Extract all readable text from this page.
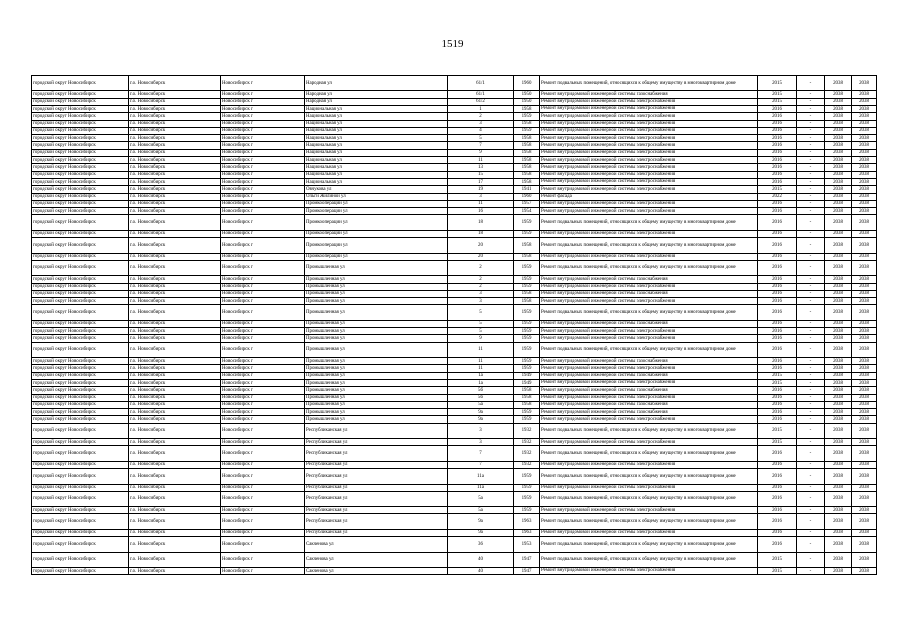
1519
городской округ Новосибирск	г.о. Новосибирск	Новосибирск г	Народная ул	61/1	1960	Ремонт подвальных помещений, относящихся к общему имуществу в многоквартирном доме	2015	-	2038	2038
городской округ Новосибирск	г.о. Новосибирск	Новосибирск г	Народная ул	61/1	1950	Ремонт внутридомовой инженерной системы газоснабжения	2015	-	2038	2038
городской округ Новосибирск	г.о. Новосибирск	Новосибирск г	Народная ул	61/2	1950	Ремонт внутридомовой инженерной системы электроснабжения	2015	-	2038	2038
городской округ Новосибирск	г.о. Новосибирск	Новосибирск г	Национальная ул	1	1958	Ремонт внутридомовой инженерной системы электроснабжения	2016	-	2038	2038
городской округ Новосибирск	г.о. Новосибирск	Новосибирск г	Национальная ул	2	1959	Ремонт внутридомовой инженерной системы электроснабжения	2016	-	2038	2038
городской округ Новосибирск	г.о. Новосибирск	Новосибирск г	Национальная ул	3	1958	Ремонт внутридомовой инженерной системы электроснабжения	2016	-	2038	2038
городской округ Новосибирск	г.о. Новосибирск	Новосибирск г	Национальная ул	4	1959	Ремонт внутридомовой инженерной системы электроснабжения	2016	-	2038	2038
городской округ Новосибирск	г.о. Новосибирск	Новосибирск г	Национальная ул	5	1958	Ремонт внутридомовой инженерной системы электроснабжения	2016	-	2038	2038
городской округ Новосибирск	г.о. Новосибирск	Новосибирск г	Национальная ул	7	1958	Ремонт внутридомовой инженерной системы электроснабжения	2016	-	2038	2038
городской округ Новосибирск	г.о. Новосибирск	Новосибирск г	Национальная ул	9	1958	Ремонт внутридомовой инженерной системы электроснабжения	2016	-	2038	2038
городской округ Новосибирск	г.о. Новосибирск	Новосибирск г	Национальная ул	11	1958	Ремонт внутридомовой инженерной системы электроснабжения	2016	-	2038	2038
городской округ Новосибирск	г.о. Новосибирск	Новосибирск г	Национальная ул	13	1958	Ремонт внутридомовой инженерной системы электроснабжения	2016	-	2038	2038
городской округ Новосибирск	г.о. Новосибирск	Новосибирск г	Национальная ул	15	1958	Ремонт внутридомовой инженерной системы электроснабжения	2016	-	2038	2038
городской округ Новосибирск	г.о. Новосибирск	Новосибирск г	Национальная ул	17	1958	Ремонт внутридомовой инженерной системы электроснабжения	2016	-	2038	2038
городской округ Новосибирск	г.о. Новосибирск	Новосибирск г	Овчукова ул	19	1941	Ремонт внутридомовой инженерной системы электроснабжения	2015	-	2038	2038
городской округ Новосибирск	г.о. Новосибирск	Новосибирск г	Ольги Жилиной ул	3	1960	Ремонт фасада	2022	-	2038	2038
городской округ Новосибирск	г.о. Новосибирск	Новосибирск г	Промкооперации ул	11	1957	Ремонт внутридомовой инженерной системы электроснабжения	2016	-	2038	2038
городской округ Новосибирск	г.о. Новосибирск	Новосибирск г	Промкооперации ул	16	1954	Ремонт внутридомовой инженерной системы электроснабжения	2016	-	2038	2038
городской округ Новосибирск	г.о. Новосибирск	Новосибирск г	Промкооперации ул	18	1959	Ремонт подвальных помещений, относящихся к общему имуществу в многоквартирном доме	2016	-	2038	2038
городской округ Новосибирск	г.о. Новосибирск	Новосибирск г	Промкооперации ул	18	1959	Ремонт внутридомовой инженерной системы электроснабжения	2016	-	2038	2038
городской округ Новосибирск	г.о. Новосибирск	Новосибирск г	Промкооперации ул	20	1958	Ремонт подвальных помещений, относящихся к общему имуществу в многоквартирном доме	2016	-	2038	2038
городской округ Новосибирск	г.о. Новосибирск	Новосибирск г	Промкооперации ул	20	1958	Ремонт внутридомовой инженерной системы электроснабжения	2016	-	2038	2038
городской округ Новосибирск	г.о. Новосибирск	Новосибирск г	Промышленная ул	2	1959	Ремонт подвальных помещений, относящихся к общему имуществу в многоквартирном доме	2016	-	2038	2038
городской округ Новосибирск	г.о. Новосибирск	Новосибирск г	Промышленная ул	2	1959	Ремонт внутридомовой инженерной системы газоснабжения	2016	-	2038	2038
городской округ Новосибирск	г.о. Новосибирск	Новосибирск г	Промышленная ул	2	1959	Ремонт внутридомовой инженерной системы электроснабжения	2016	-	2038	2038
городской округ Новосибирск	г.о. Новосибирск	Новосибирск г	Промышленная ул	3	1958	Ремонт внутридомовой инженерной системы газоснабжения	2016	-	2038	2038
городской округ Новосибирск	г.о. Новосибирск	Новосибирск г	Промышленная ул	3	1958	Ремонт внутридомовой инженерной системы электроснабжения	2016	-	2038	2038
городской округ Новосибирск	г.о. Новосибирск	Новосибирск г	Промышленная ул	5	1959	Ремонт подвальных помещений, относящихся к общему имуществу в многоквартирном доме	2016	-	2038	2038
городской округ Новосибирск	г.о. Новосибирск	Новосибирск г	Промышленная ул	5	1959	Ремонт внутридомовой инженерной системы газоснабжения	2016	-	2038	2038
городской округ Новосибирск	г.о. Новосибирск	Новосибирск г	Промышленная ул	5	1959	Ремонт внутридомовой инженерной системы электроснабжения	2016	-	2038	2038
городской округ Новосибирск	г.о. Новосибирск	Новосибирск г	Промышленная ул	9	1959	Ремонт внутридомовой инженерной системы электроснабжения	2016	-	2038	2038
городской округ Новосибирск	г.о. Новосибирск	Новосибирск г	Промышленная ул	11	1959	Ремонт подвальных помещений, относящихся к общему имуществу в многоквартирном доме	2016	-	2038	2038
городской округ Новосибирск	г.о. Новосибирск	Новосибирск г	Промышленная ул	11	1959	Ремонт внутридомовой инженерной системы газоснабжения	2016	-	2038	2038
городской округ Новосибирск	г.о. Новосибирск	Новосибирск г	Промышленная ул	11	1959	Ремонт внутридомовой инженерной системы электроснабжения	2016	-	2038	2038
городской округ Новосибирск	г.о. Новосибирск	Новосибирск г	Промышленная ул	1а	1949	Ремонт внутридомовой инженерной системы газоснабжения	2015	-	2038	2038
городской округ Новосибирск	г.о. Новосибирск	Новосибирск г	Промышленная ул	1а	1949	Ремонт внутридомовой инженерной системы электроснабжения	2015	-	2038	2038
городской округ Новосибирск	г.о. Новосибирск	Новосибирск г	Промышленная ул	5б	1958	Ремонт внутридомовой инженерной системы газоснабжения	2016	-	2038	2038
городской округ Новосибирск	г.о. Новосибирск	Новосибирск г	Промышленная ул	5б	1958	Ремонт внутридомовой инженерной системы электроснабжения	2016	-	2038	2038
городской округ Новосибирск	г.о. Новосибирск	Новосибирск г	Промышленная ул	5а	1958	Ремонт внутридомовой инженерной системы газоснабжения	2016	-	2038	2038
городской округ Новосибирск	г.о. Новосибирск	Новосибирск г	Промышленная ул	9а	1959	Ремонт внутридомовой инженерной системы газоснабжения	2016	-	2038	2038
городской округ Новосибирск	г.о. Новосибирск	Новосибирск г	Промышленная ул	9а	1959	Ремонт внутридомовой инженерной системы электроснабжения	2016	-	2038	2038
городской округ Новосибирск	г.о. Новосибирск	Новосибирск г	Республиканская ул	3	1932	Ремонт подвальных помещений, относящихся к общему имуществу в многоквартирном доме	2015	-	2038	2038
городской округ Новосибирск	г.о. Новосибирск	Новосибирск г	Республиканская ул	3	1932	Ремонт внутридомовой инженерной системы электроснабжения	2015	-	2038	2038
городской округ Новосибирск	г.о. Новосибирск	Новосибирск г	Республиканская ул	7	1932	Ремонт подвальных помещений, относящихся к общему имуществу в многоквартирном доме	2016	-	2038	2038
городской округ Новосибирск	г.о. Новосибирск	Новосибирск г	Республиканская ул	7	1932	Ремонт внутридомовой инженерной системы электроснабжения	2016	-	2038	2038
городской округ Новосибирск	г.о. Новосибирск	Новосибирск г	Республиканская ул	11а	1959	Ремонт подвальных помещений, относящихся к общему имуществу в многоквартирном доме	2016	-	2038	2038
городской округ Новосибирск	г.о. Новосибирск	Новосибирск г	Республиканская ул	11а	1959	Ремонт внутридомовой инженерной системы электроснабжения	2016	-	2038	2038
городской округ Новосибирск	г.о. Новосибирск	Новосибирск г	Республиканская ул	5а	1959	Ремонт подвальных помещений, относящихся к общему имуществу в многоквартирном доме	2016	-	2038	2038
городской округ Новосибирск	г.о. Новосибирск	Новосибирск г	Республиканская ул	5а	1959	Ремонт внутридомовой инженерной системы электроснабжения	2016	-	2038	2038
городской округ Новосибирск	г.о. Новосибирск	Новосибирск г	Республиканская ул	9а	1963	Ремонт подвальных помещений, относящихся к общему имуществу в многоквартирном доме	2016	-	2038	2038
городской округ Новосибирск	г.о. Новосибирск	Новосибирск г	Республиканская ул	9а	1963	Ремонт внутридомовой инженерной системы электроснабжения	2016	-	2038	2038
городской округ Новосибирск	г.о. Новосибирск	Новосибирск г	Сакченова ул	36	1953	Ремонт подвальных помещений, относящихся к общему имуществу в многоквартирном доме	2016	-	2038	2038
городской округ Новосибирск	г.о. Новосибирск	Новосибирск г	Сакченова ул	40	1947	Ремонт подвальных помещений, относящихся к общему имуществу в многоквартирном доме	2015	-	2038	2038
городской округ Новосибирск	г.о. Новосибирск	Новосибирск г	Сакченова ул	40	1947	Ремонт внутридомовой инженерной системы электроснабжения	2015	-	2038	2038
